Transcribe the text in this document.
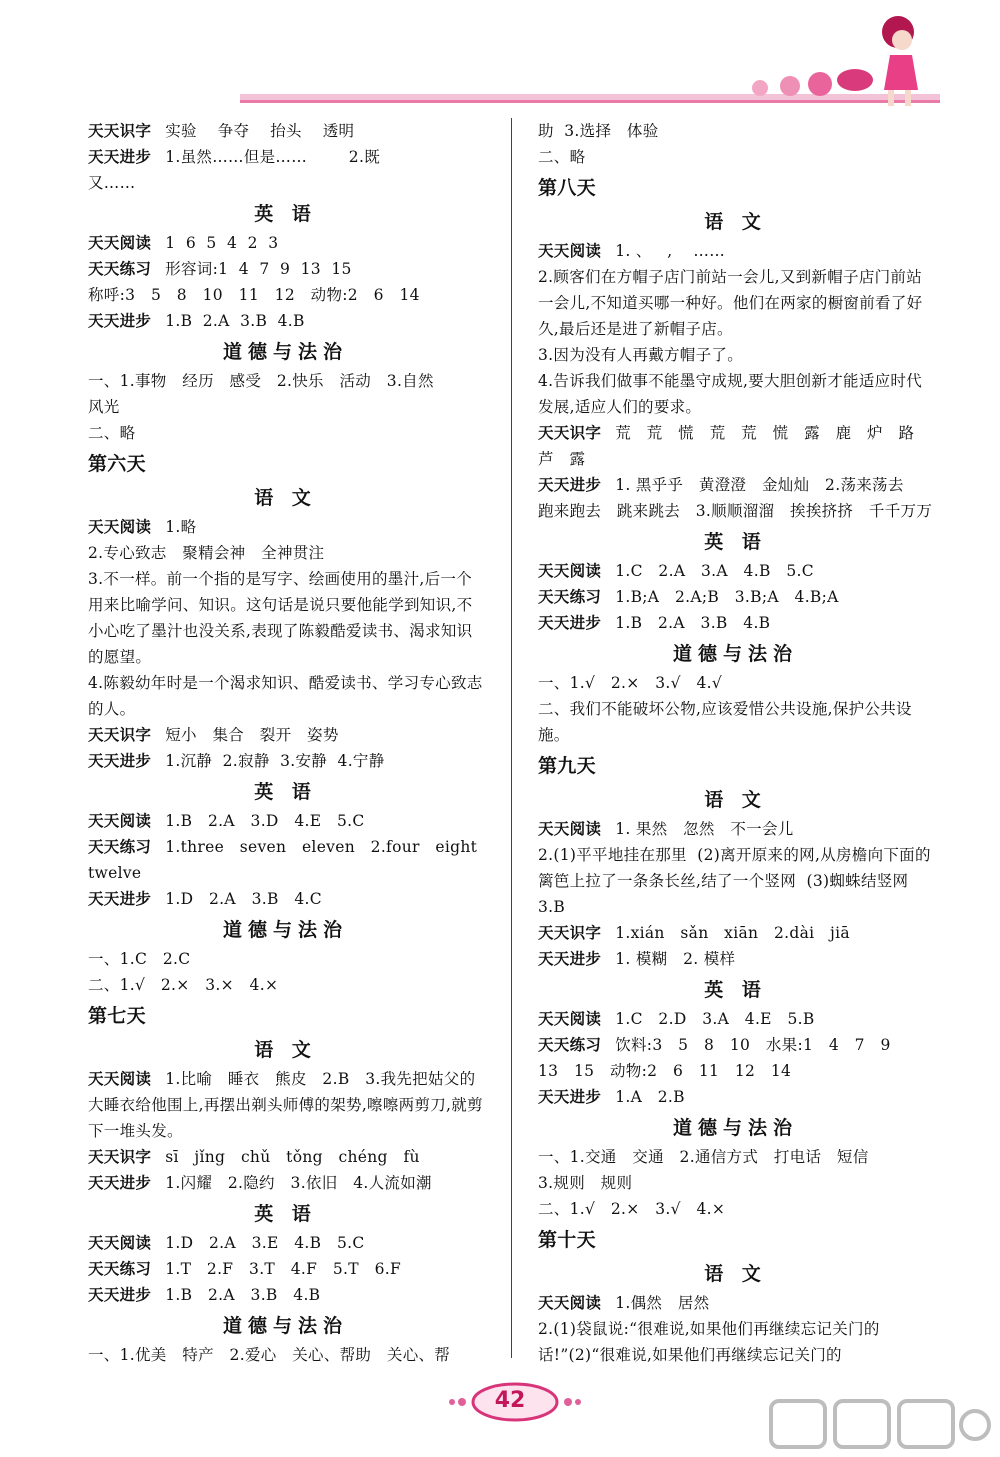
天天识字 实验    争夺    抬头    透明
天天进步 1.虽然……但是……        2.既
又……
英 语
天天阅读 1  6  5  4  2  3
天天练习 形容词:1  4  7  9  13  15
称呼:3   5   8   10   11   12   动物:2   6   14
天天进步 1.B  2.A  3.B  4.B
道德与法治
一、1.事物   经历   感受   2.快乐   活动   3.自然
风光
二、略
第六天
语 文
天天阅读 1.略
2.专心致志   聚精会神   全神贯注
3.不一样。前一个指的是写字、绘画使用的墨汁,后一个用来比喻学问、知识。这句话是说只要他能学到知识,不小心吃了墨汁也没关系,表现了陈毅酷爱读书、渴求知识的愿望。
4.陈毅幼年时是一个渴求知识、酷爱读书、学习专心致志的人。
天天识字 短小   集合   裂开   姿势
天天进步 1.沉静  2.寂静  3.安静  4.宁静
英 语
天天阅读 1.B   2.A   3.D   4.E   5.C
天天练习 1.three   seven   eleven   2.four   eight
twelve
天天进步 1.D   2.A   3.B   4.C
道德与法治
一、1.C   2.C
二、1.√   2.×   3.×   4.×
第七天
语 文
天天阅读 1.比喻   睡衣   熊皮   2.B   3.我先把姑父的大睡衣给他围上,再摆出剃头师傅的架势,嚓嚓两剪刀,就剪下一堆头发。
天天识字 sī   jǐng   chǔ   tǒng   chéng   fù
天天进步 1.闪耀   2.隐约   3.依旧   4.人流如潮
英 语
天天阅读 1.D   2.A   3.E   4.B   5.C
天天练习 1.T   2.F   3.T   4.F   5.T   6.F
天天进步 1.B   2.A   3.B   4.B
道德与法治
一、1.优美   特产   2.爱心   关心、帮助   关心、帮
助  3.选择   体验
二、略
第八天
语 文
天天阅读 1. 、   ,    ……
2.顾客们在方帽子店门前站一会儿,又到新帽子店门前站一会儿,不知道买哪一种好。他们在两家的橱窗前看了好久,最后还是进了新帽子店。
3.因为没有人再戴方帽子了。
4.告诉我们做事不能墨守成规,要大胆创新才能适应时代发展,适应人们的要求。
天天识字 荒   荒   慌   荒   荒   慌   露   鹿   炉   路   芦   露
天天进步 1. 黑乎乎   黄澄澄   金灿灿   2.荡来荡去   跑来跑去   跳来跳去   3.顺顺溜溜   挨挨挤挤   千千万万
英 语
天天阅读 1.C   2.A   3.A   4.B   5.C
天天练习 1.B;A   2.A;B   3.B;A   4.B;A
天天进步 1.B   2.A   3.B   4.B
道德与法治
一、1.√   2.×   3.√   4.√
二、我们不能破坏公物,应该爱惜公共设施,保护公共设施。
第九天
语 文
天天阅读 1. 果然   忽然   不一会儿
2.(1)平平地挂在那里  (2)离开原来的网,从房檐向下面的篱笆上拉了一条条长丝,结了一个竖网  (3)蜘蛛结竖网  3.B
天天识字 1.xián   sǎn   xiān   2.dài   jiā
天天进步 1. 模糊   2. 模样
英 语
天天阅读 1.C   2.D   3.A   4.E   5.B
天天练习 饮料:3   5   8   10   水果:1   4   7   9
13   15   动物:2   6   11   12   14
天天进步 1.A   2.B
道德与法治
一、1.交通   交通   2.通信方式   打电话   短信
3.规则   规则
二、1.√   2.×   3.√   4.×
第十天
语 文
天天阅读 1.偶然   居然
2.(1)袋鼠说:“很难说,如果他们再继续忘记关门的话!”(2)“很难说,如果他们再继续忘记关门的
42
